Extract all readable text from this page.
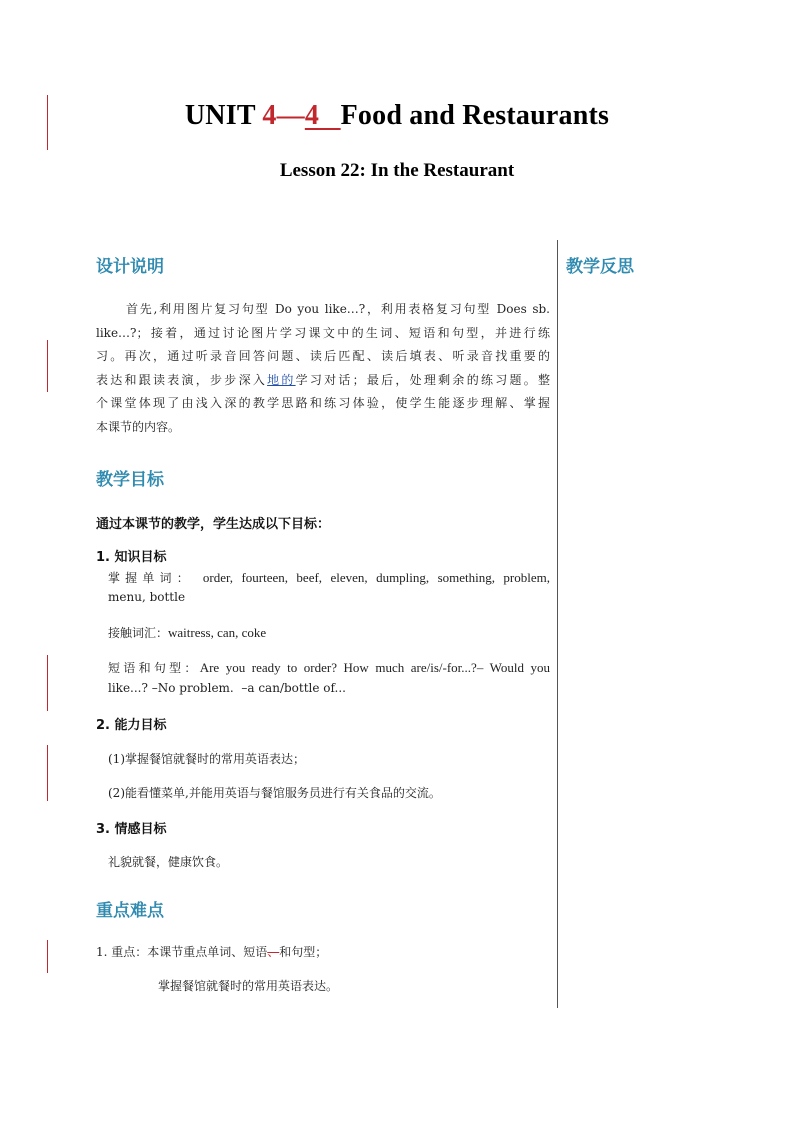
UNIT 4—4 Food and Restaurants
Lesson 22: In the Restaurant
教学反思
设计说明
首先,利用图片复习句型 Do you like…?，利用表格复习句型 Does sb.
like…?；接着，通过讨论图片学习课文中的生词、短语和句型，并进行练
习。再次，通过听录音回答问题、读后匹配、读后填表、听录音找重要的
表达和跟读表演，步步深入地的学习对话；最后，处理剩余的练习题。整
个课堂体现了由浅入深的教学思路和练习体验，使学生能逐步理解、掌握
本课节的内容。
教学目标
通过本课节的教学，学生达成以下目标：
1. 知识目标
掌握单词： order, fourteen, beef, eleven, dumpling, something, problem,
menu, bottle
接触词汇：waitress, can, coke
短语和句型：Are you ready to order? How much are/is/-for...?– Would you
like...? –No problem.  –a can/bottle of...
2. 能力目标
(1)掌握餐馆就餐时的常用英语表达；
(2)能看懂菜单,并能用英语与餐馆服务员进行有关食品的交流。
3. 情感目标
礼貌就餐，健康饮食。
重点难点
1. 重点：本课节重点单词、短语、和句型；
掌握餐馆就餐时的常用英语表达。
